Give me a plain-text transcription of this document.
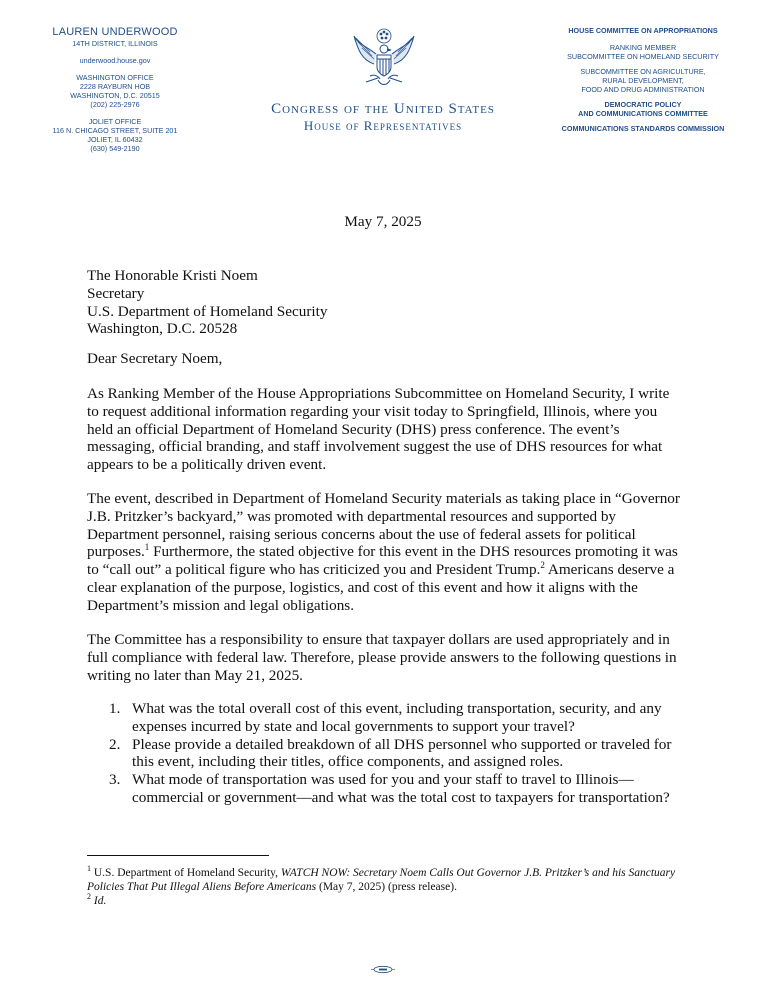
LAUREN UNDERWOOD
14TH DISTRICT, ILLINOIS
underwood.house.gov
WASHINGTON OFFICE
2228 RAYBURN HOB
WASHINGTON, D.C. 20515
(202) 225-2976
JOLIET OFFICE
116 N. CHICAGO STREET, SUITE 201
JOLIET, IL 60432
(630) 549-2190
Congress of the United States
House of Representatives
HOUSE COMMITTEE ON APPROPRIATIONS
RANKING MEMBER
SUBCOMMITTEE ON HOMELAND SECURITY
SUBCOMMITTEE ON AGRICULTURE,
RURAL DEVELOPMENT,
FOOD AND DRUG ADMINISTRATION
DEMOCRATIC POLICY
AND COMMUNICATIONS COMMITTEE
COMMUNICATIONS STANDARDS COMMISSION
May 7, 2025
The Honorable Kristi Noem
Secretary
U.S. Department of Homeland Security
Washington, D.C. 20528
Dear Secretary Noem,

As Ranking Member of the House Appropriations Subcommittee on Homeland Security, I write to request additional information regarding your visit today to Springfield, Illinois, where you held an official Department of Homeland Security (DHS) press conference. The event’s messaging, official branding, and staff involvement suggest the use of DHS resources for what appears to be a politically driven event.

The event, described in Department of Homeland Security materials as taking place in “Governor J.B. Pritzker’s backyard,” was promoted with departmental resources and supported by Department personnel, raising serious concerns about the use of federal assets for political purposes.$^1$ Furthermore, the stated objective for this event in the DHS resources promoting it was to “call out” a political figure who has criticized you and President Trump.$^2$ Americans deserve a clear explanation of the purpose, logistics, and cost of this event and how it aligns with the Department’s mission and legal obligations.

The Committee has a responsibility to ensure that taxpayer dollars are used appropriately and in full compliance with federal law. Therefore, please provide answers to the following questions in writing no later than May 21, 2025.

1. What was the total overall cost of this event, including transportation, security, and any expenses incurred by state and local governments to support your travel?
2. Please provide a detailed breakdown of all DHS personnel who supported or traveled for this event, including their titles, office components, and assigned roles.
3. What mode of transportation was used for you and your staff to travel to Illinois—commercial or government—and what was the total cost to taxpayers for transportation?
$^1$ U.S. Department of Homeland Security, WATCH NOW: Secretary Noem Calls Out Governor J.B. Pritzker’s and his Sanctuary Policies That Put Illegal Aliens Before Americans (May 7, 2025) (press release).
$^2$ Id.
